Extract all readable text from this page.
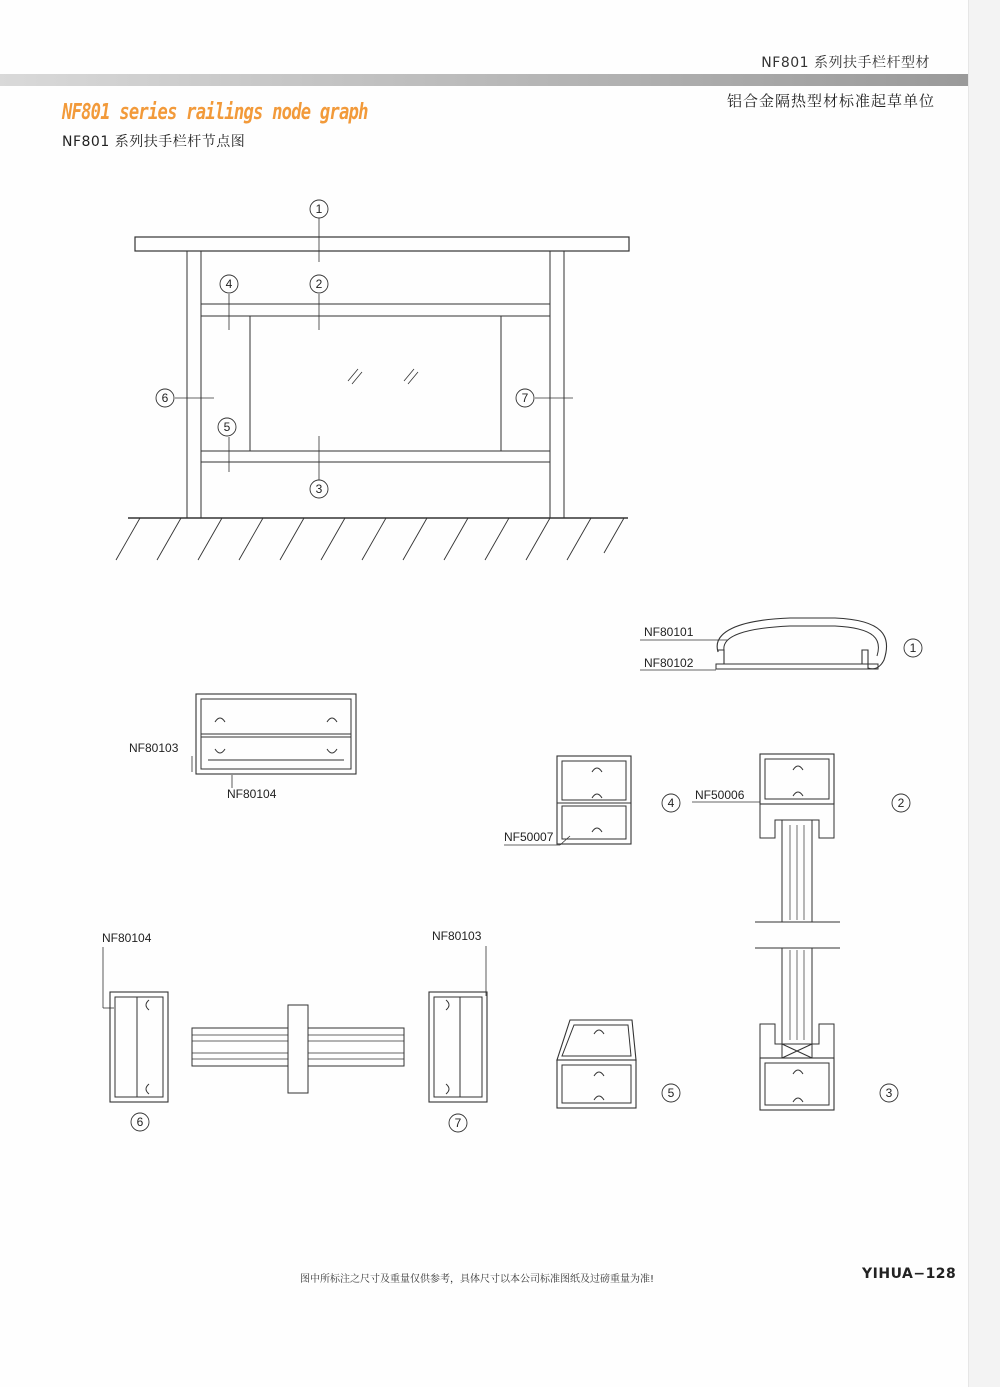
NF801 系列扶手栏杆型材
铝合金隔热型材标准起草单位
NF801 series railings node graph
NF801 系列扶手栏杆节点图
1
2
3
4
5
6	7
1
4	2
3
5
6	7
NF80101
NF80102
NF80103
NF80104	NF50006
NF50007
NF80104	NF80103
图中所标注之尺寸及重量仅供参考，具体尺寸以本公司标准图纸及过磅重量为准!	YIHUA−128
